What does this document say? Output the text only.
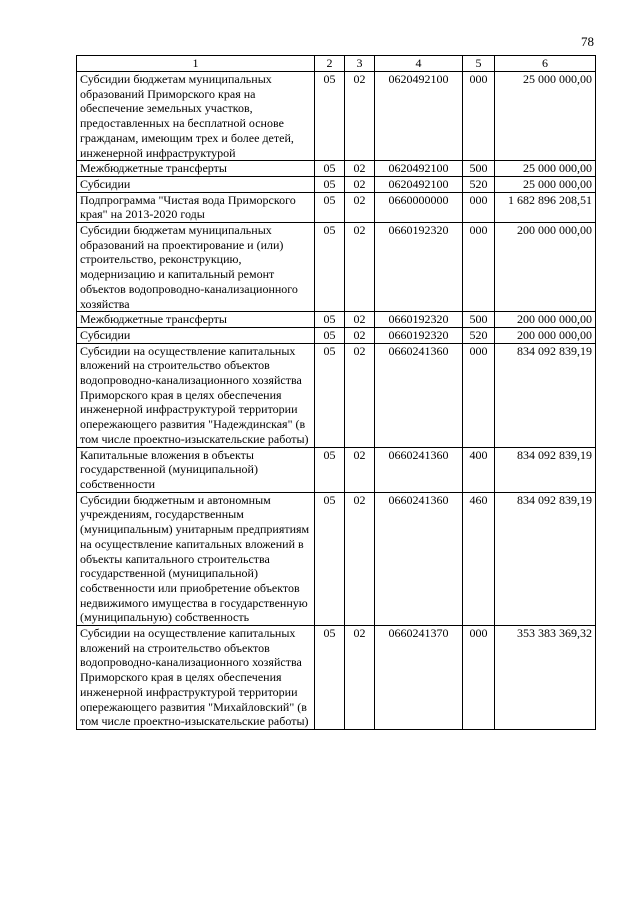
78
1	2	3	4	5	6
Субсидии бюджетам муниципальных образований Приморского края на обеспечение земельных участков, предоставленных на бесплатной основе гражданам, имеющим трех и более детей, инженерной инфраструктурой	05	02	0620492100	000	25 000 000,00
Межбюджетные трансферты	05	02	0620492100	500	25 000 000,00
Субсидии	05	02	0620492100	520	25 000 000,00
Подпрограмма "Чистая вода Приморского края" на 2013-2020 годы	05	02	0660000000	000	1 682 896 208,51
Субсидии бюджетам муниципальных образований на проектирование и (или) строительство, реконструкцию, модернизацию и капитальный ремонт объектов водопроводно-канализационного хозяйства	05	02	0660192320	000	200 000 000,00
Межбюджетные трансферты	05	02	0660192320	500	200 000 000,00
Субсидии	05	02	0660192320	520	200 000 000,00
Субсидии на осуществление капитальных вложений на строительство объектов водопроводно-канализационного хозяйства Приморского края в целях обеспечения инженерной инфраструктурой территории опережающего развития "Надеждинская" (в том числе проектно-изыскательские работы)	05	02	0660241360	000	834 092 839,19
Капитальные вложения в объекты государственной (муниципальной) собственности	05	02	0660241360	400	834 092 839,19
Субсидии бюджетным и автономным учреждениям, государственным (муниципальным) унитарным предприятиям на осуществление капитальных вложений в объекты капитального строительства государственной (муниципальной) собственности или приобретение объектов недвижимого имущества в государственную (муниципальную) собственность	05	02	0660241360	460	834 092 839,19
Субсидии на осуществление капитальных вложений на строительство объектов водопроводно-канализационного хозяйства Приморского края в целях обеспечения инженерной инфраструктурой территории опережающего развития "Михайловский" (в том числе проектно-изыскательские работы)	05	02	0660241370	000	353 383 369,32
